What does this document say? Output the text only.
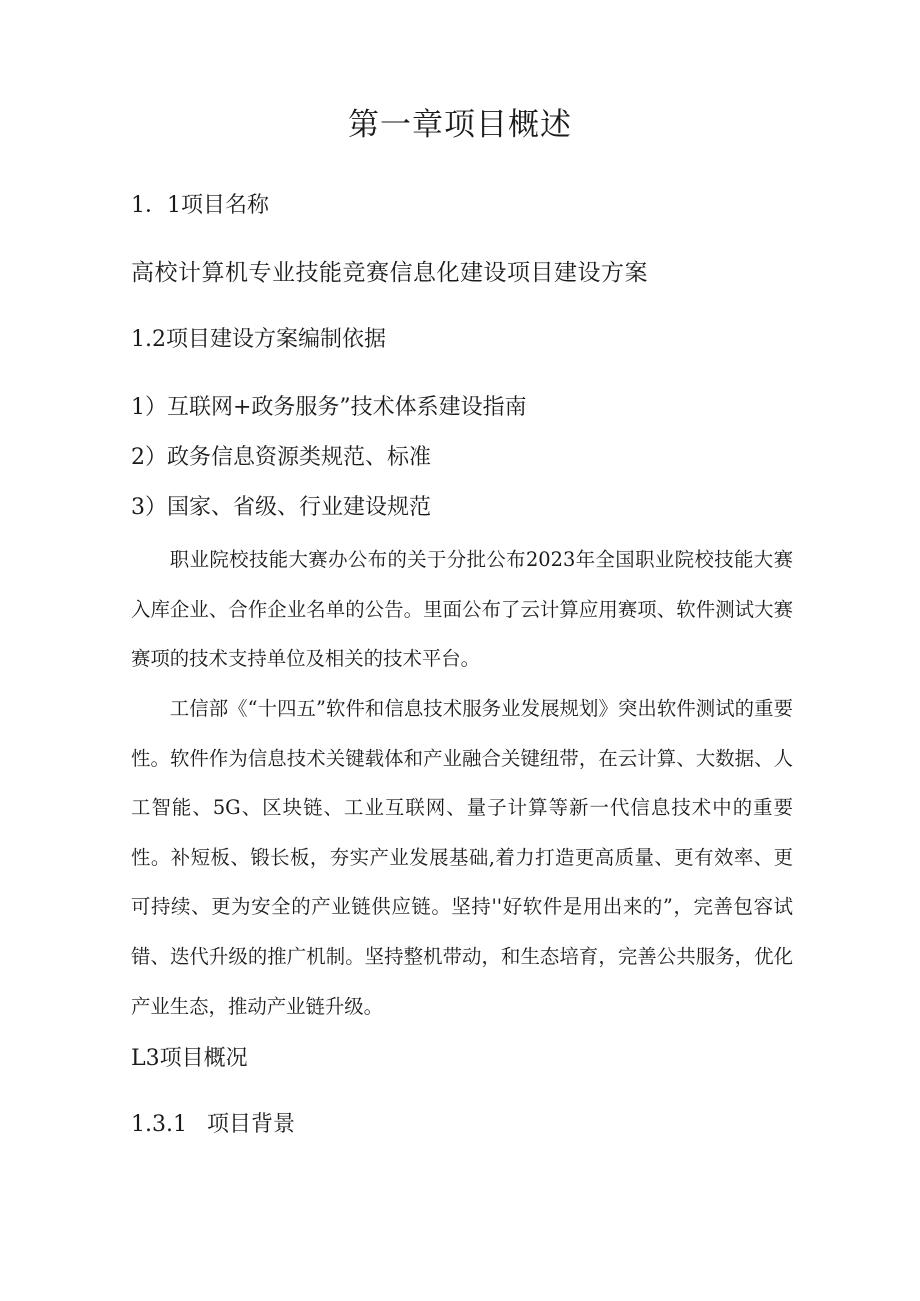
第一章项目概述
1．1项目名称
高校计算机专业技能竞赛信息化建设项目建设方案
1.2项目建设方案编制依据
1）互联网+政务服务”技术体系建设指南
2）政务信息资源类规范、标准
3）国家、省级、行业建设规范

职业院校技能大赛办公布的关于分批公布2023年全国职业院校技能大赛入库企业、合作企业名单的公告。里面公布了云计算应用赛项、软件测试大赛赛项的技术支持单位及相关的技术平台。

工信部《“十四五”软件和信息技术服务业发展规划》突出软件测试的重要性。软件作为信息技术关键载体和产业融合关键纽带，在云计算、大数据、人工智能、5G、区块链、工业互联网、量子计算等新一代信息技术中的重要性。补短板、锻长板，夯实产业发展基础,着力打造更高质量、更有效率、更可持续、更为安全的产业链供应链。坚持''好软件是用出来的”，完善包容试错、迭代升级的推广机制。坚持整机带动，和生态培育，完善公共服务，优化产业生态，推动产业链升级。

L3项目概况
1.3.1 项目背景
